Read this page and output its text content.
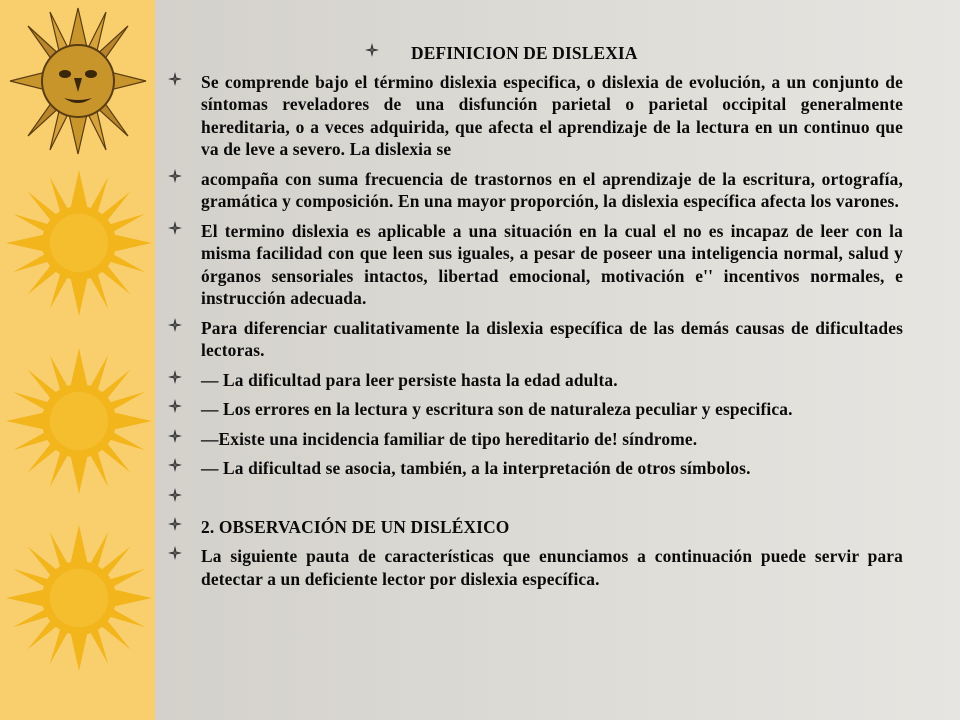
DEFINICION DE DISLEXIA
Se comprende bajo el término dislexia especifica, o dislexia de evolución, a un conjunto de síntomas reveladores de una disfunción parietal o parietal occipital generalmente hereditaria, o a veces adquirida, que afecta el aprendizaje de la lectura en un continuo que va de leve a severo. La dislexia se
acompaña con suma frecuencia de trastornos en el aprendizaje de la escritura, ortografía, gramática y composición. En una mayor proporción, la dislexia específica afecta los varones.
El termino dislexia es aplicable a una situación en la cual el no es incapaz de leer con la misma facilidad con que leen sus iguales, a pesar de poseer una inteligencia normal, salud y órganos sensoriales intactos, libertad emocional, motivación e'' incentivos normales, e instrucción adecuada.
Para diferenciar cualitativamente la dislexia específica de las demás causas de dificultades lectoras.
— La dificultad para leer persiste hasta la edad adulta.
— Los errores en la lectura y escritura son de naturaleza peculiar y especifica.
—Existe una incidencia familiar de tipo hereditario de! síndrome.
— La dificultad se asocia, también, a la interpretación de otros símbolos.
2. OBSERVACIÓN DE UN DISLÉXICO
La siguiente pauta de características que enunciamos a continuación puede servir para detectar a un deficiente lector por dislexia específica.
